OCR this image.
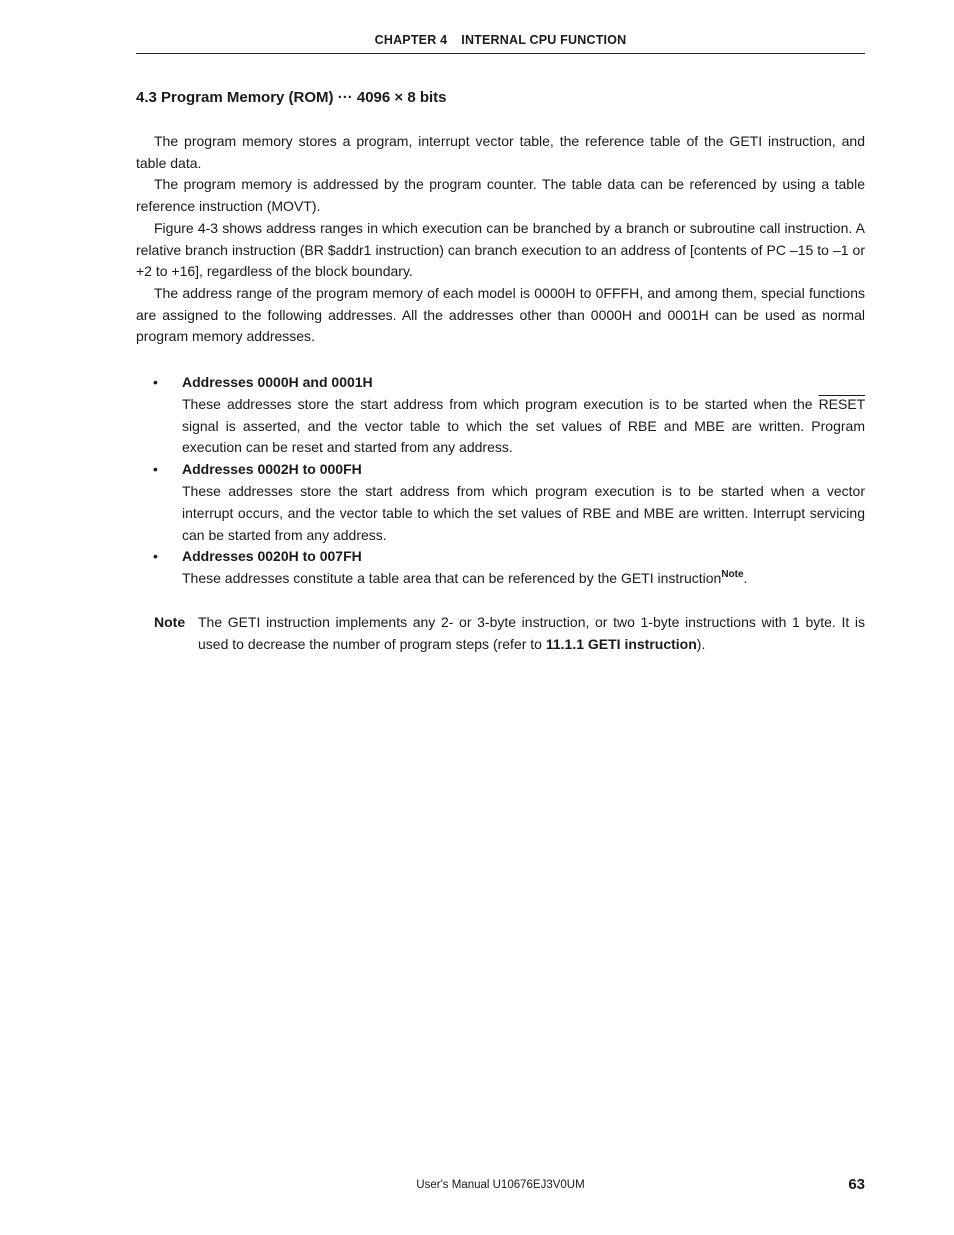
CHAPTER 4 INTERNAL CPU FUNCTION
4.3 Program Memory (ROM) ··· 4096 × 8 bits

The program memory stores a program, interrupt vector table, the reference table of the GETI instruction, and table data.

The program memory is addressed by the program counter. The table data can be referenced by using a table reference instruction (MOVT).

Figure 4-3 shows address ranges in which execution can be branched by a branch or subroutine call instruction. A relative branch instruction (BR $addr1 instruction) can branch execution to an address of [contents of PC –15 to –1 or +2 to +16], regardless of the block boundary.

The address range of the program memory of each model is 0000H to 0FFFH, and among them, special functions are assigned to the following addresses. All the addresses other than 0000H and 0001H can be used as normal program memory addresses.

• Addresses 0000H and 0001H
These addresses store the start address from which program execution is to be started when the RESET signal is asserted, and the vector table to which the set values of RBE and MBE are written. Program execution can be reset and started from any address.
• Addresses 0002H to 000FH
These addresses store the start address from which program execution is to be started when a vector interrupt occurs, and the vector table to which the set values of RBE and MBE are written. Interrupt servicing can be started from any address.
• Addresses 0020H to 007FH
These addresses constitute a table area that can be referenced by the GETI instruction$^{Note}$.
Note The GETI instruction implements any 2- or 3-byte instruction, or two 1-byte instructions with 1 byte. It is used to decrease the number of program steps (refer to 11.1.1 GETI instruction).
User's Manual U10676EJ3V0UM	63
